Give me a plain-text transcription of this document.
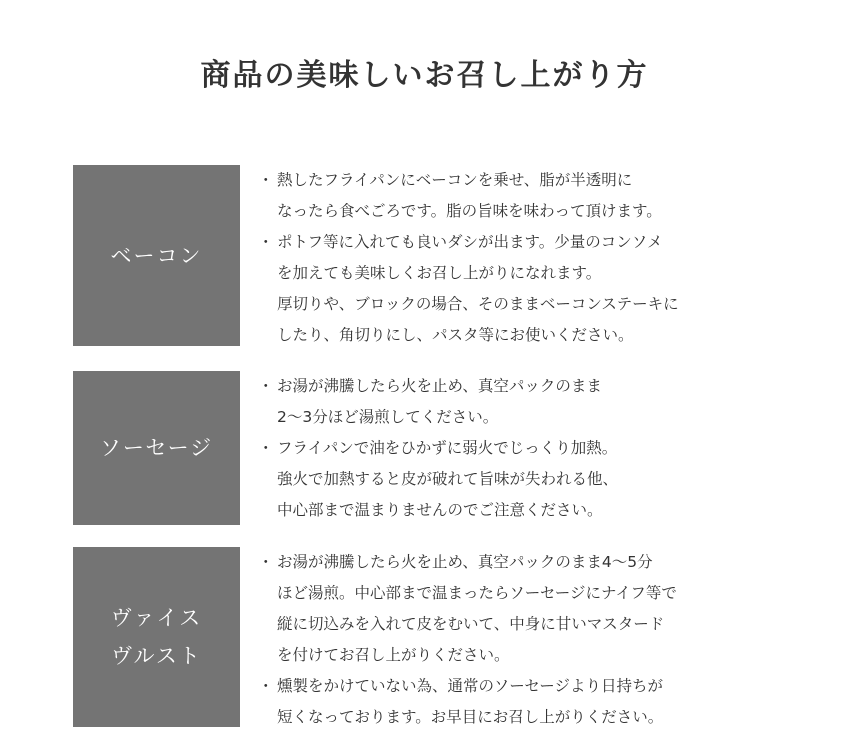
商品の美味しいお召し上がり方
ベーコン
・ 熱したフライパンにベーコンを乗せ、脂が半透明に
なったら食べごろです。脂の旨味を味わって頂けます。
・ ポトフ等に入れても良いダシが出ます。少量のコンソメ
を加えても美味しくお召し上がりになれます。
厚切りや、ブロックの場合、そのままベーコンステーキに
したり、角切りにし、パスタ等にお使いください。
ソーセージ
・ お湯が沸騰したら火を止め、真空パックのまま
2〜3分ほど湯煎してください。
・ フライパンで油をひかずに弱火でじっくり加熱。
強火で加熱すると皮が破れて旨味が失われる他、
中心部まで温まりませんのでご注意ください。
ヴァイス
ヴルスト
・ お湯が沸騰したら火を止め、真空パックのまま4〜5分
ほど湯煎。中心部まで温まったらソーセージにナイフ等で
縦に切込みを入れて皮をむいて、中身に甘いマスタード
を付けてお召し上がりください。
・ 燻製をかけていない為、通常のソーセージより日持ちが
短くなっております。お早目にお召し上がりください。
